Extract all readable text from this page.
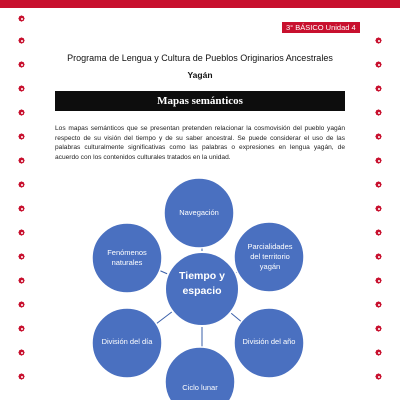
3° BÁSICO Unidad 4
Programa de Lengua y Cultura de Pueblos Originarios Ancestrales
Yagán
Mapas semánticos

Los mapas semánticos que se presentan pretenden relacionar la cosmovisión del pueblo yagán respecto de su visión del tiempo y de su saber ancestral. Se puede considerar el uso de las palabras culturalmente significativas como las palabras o expresiones en lengua yagán, de acuerdo con los contenidos culturales tratados en la unidad.

Navegación
Parcialidades del territorio yagán
División del año
Ciclo lunar
División del día
Fenómenos naturales
Tiempo y espacio
